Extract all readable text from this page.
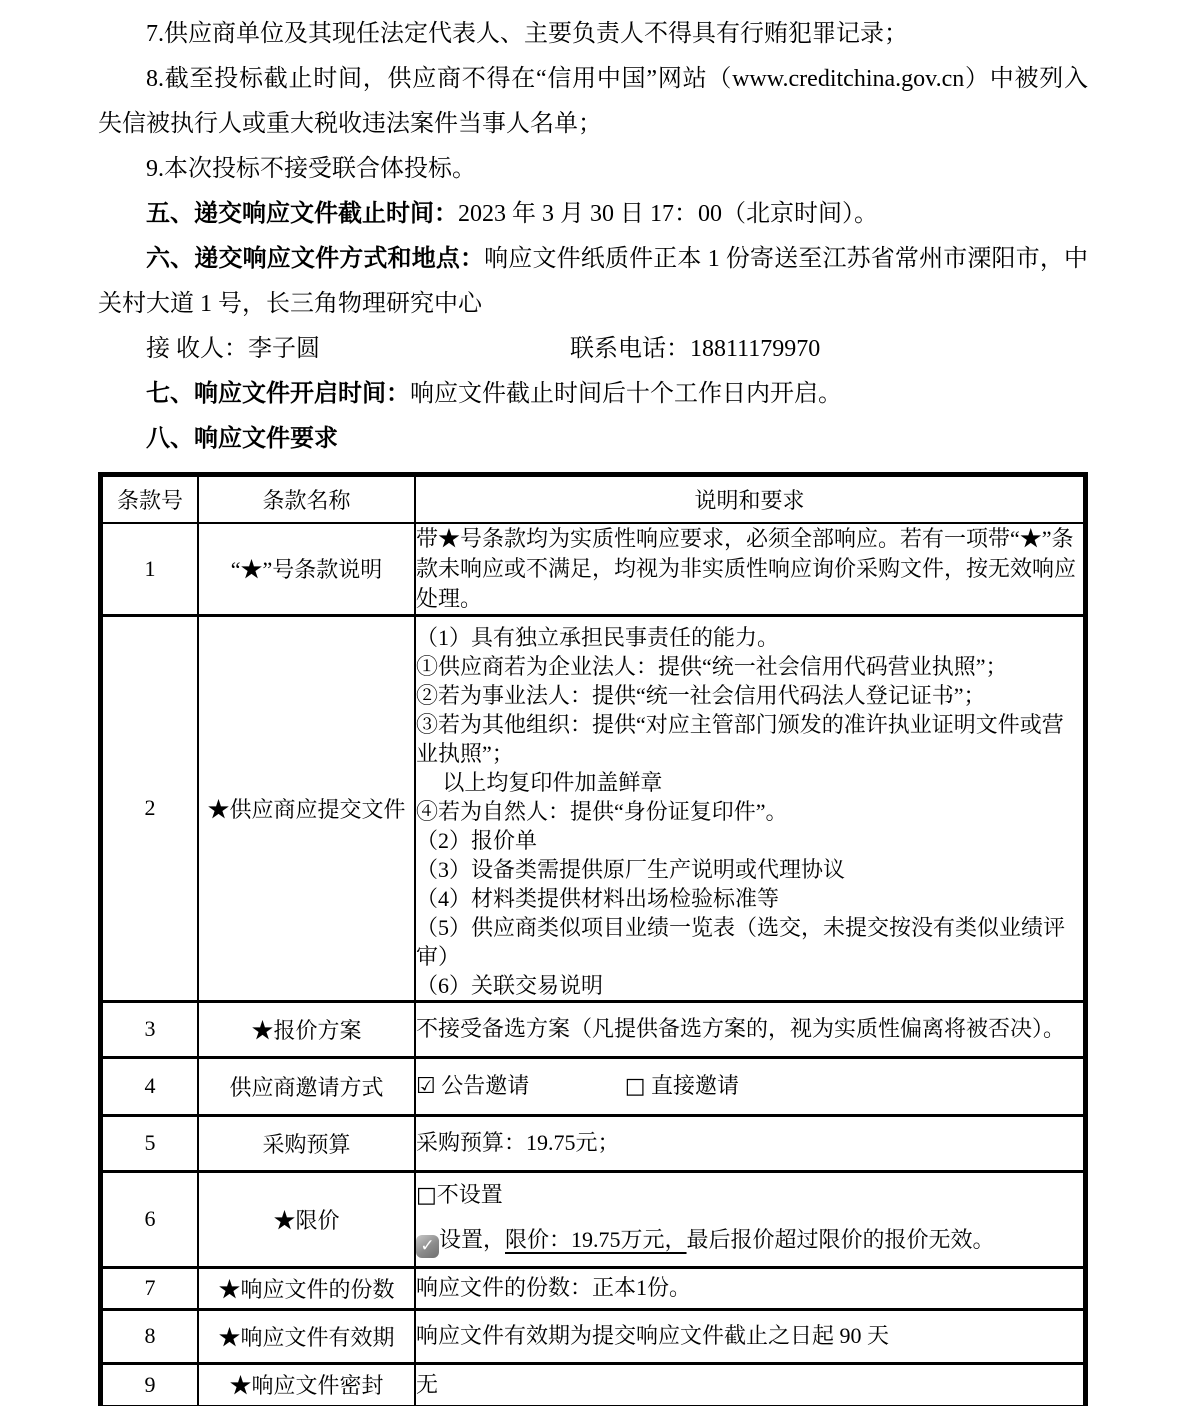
7.供应商单位及其现任法定代表人、主要负责人不得具有行贿犯罪记录；

8.截至投标截止时间，供应商不得在“信用中国”网站（www.creditchina.gov.cn）中被列入失信被执行人或重大税收违法案件当事人名单；

9.本次投标不接受联合体投标。

五、递交响应文件截止时间：2023 年 3 月 30 日 17：00（北京时间）。

六、递交响应文件方式和地点：响应文件纸质件正本 1 份寄送至江苏省常州市溧阳市，中关村大道 1 号，长三角物理研究中心

接 收人：李子圆	联系电话：18811179970

七、响应文件开启时间：响应文件截止时间后十个工作日内开启。

八、响应文件要求

条款号	条款名称	说明和要求
1	“★”号条款说明	带★号条款均为实质性响应要求，必须全部响应。若有一项带“★”条款未响应或不满足，均视为非实质性响应询价采购文件，按无效响应处理。
2	★供应商应提交文件	
（1）具有独立承担民事责任的能力。
①供应商若为企业法人：提供“统一社会信用代码营业执照”；
②若为事业法人：提供“统一社会信用代码法人登记证书”；
③若为其他组织：提供“对应主管部门颁发的准许执业证明文件或营业执照”；
以上均复印件加盖鲜章
④若为自然人：提供“身份证复印件”。
（2）报价单
（3）设备类需提供原厂生产说明或代理协议
（4）材料类提供材料出场检验标准等
（5）供应商类似项目业绩一览表（选交，未提交按没有类似业绩评审）
（6）关联交易说明

3	★报价方案	不接受备选方案（凡提供备选方案的，视为实质性偏离将被否决）。
4	供应商邀请方式	☑ 公告邀请 □ 直接邀请
5	采购预算	采购预算：19.75元；
6	★限价	□不设置
✓ 设置，限价：19.75万元，最后报价超过限价的报价无效。

7	★响应文件的份数	响应文件的份数：正本1份。
8	★响应文件有效期	响应文件有效期为提交响应文件截止之日起 90 天
9	★响应文件密封	无
